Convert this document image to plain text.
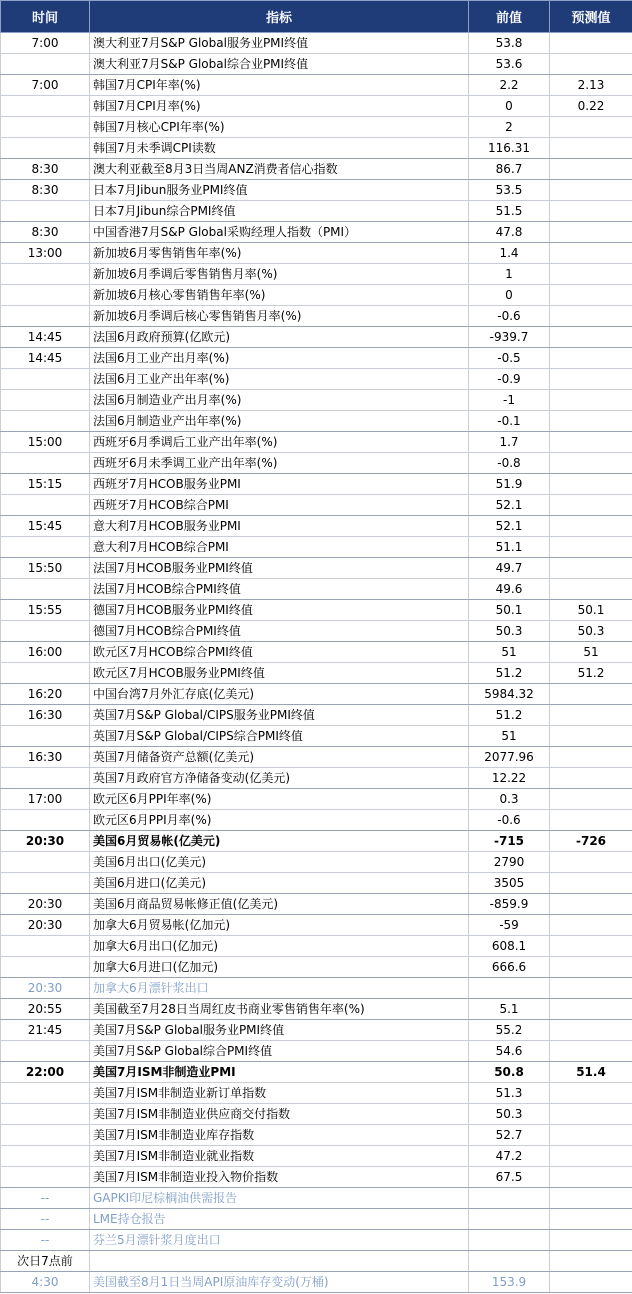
时间	指标	前值	预测值
7:00	澳大利亚7月S&P Global服务业PMI终值	53.8	
	澳大利亚7月S&P Global综合业PMI终值	53.6	
7:00	韩国7月CPI年率(%)	2.2	2.13
	韩国7月CPI月率(%)	0	0.22
	韩国7月核心CPI年率(%)	2	
	韩国7月未季调CPI读数	116.31	
8:30	澳大利亚截至8月3日当周ANZ消费者信心指数	86.7	
8:30	日本7月Jibun服务业PMI终值	53.5	
	日本7月Jibun综合PMI终值	51.5	
8:30	中国香港7月S&P Global采购经理人指数（PMI）	47.8	
13:00	新加坡6月零售销售年率(%)	1.4	
	新加坡6月季调后零售销售月率(%)	1	
	新加坡6月核心零售销售年率(%)	0	
	新加坡6月季调后核心零售销售月率(%)	-0.6	
14:45	法国6月政府预算(亿欧元)	-939.7	
14:45	法国6月工业产出月率(%)	-0.5	
	法国6月工业产出年率(%)	-0.9	
	法国6月制造业产出月率(%)	-1	
	法国6月制造业产出年率(%)	-0.1	
15:00	西班牙6月季调后工业产出年率(%)	1.7	
	西班牙6月未季调工业产出年率(%)	-0.8	
15:15	西班牙7月HCOB服务业PMI	51.9	
	西班牙7月HCOB综合PMI	52.1	
15:45	意大利7月HCOB服务业PMI	52.1	
	意大利7月HCOB综合PMI	51.1	
15:50	法国7月HCOB服务业PMI终值	49.7	
	法国7月HCOB综合PMI终值	49.6	
15:55	德国7月HCOB服务业PMI终值	50.1	50.1
	德国7月HCOB综合PMI终值	50.3	50.3
16:00	欧元区7月HCOB综合PMI终值	51	51
	欧元区7月HCOB服务业PMI终值	51.2	51.2
16:20	中国台湾7月外汇存底(亿美元)	5984.32	
16:30	英国7月S&P Global/CIPS服务业PMI终值	51.2	
	英国7月S&P Global/CIPS综合PMI终值	51	
16:30	英国7月储备资产总额(亿美元)	2077.96	
	英国7月政府官方净储备变动(亿美元)	12.22	
17:00	欧元区6月PPI年率(%)	0.3	
	欧元区6月PPI月率(%)	-0.6	
20:30	美国6月贸易帐(亿美元)	-715	-726
	美国6月出口(亿美元)	2790	
	美国6月进口(亿美元)	3505	
20:30	美国6月商品贸易帐修正值(亿美元)	-859.9	
20:30	加拿大6月贸易帐(亿加元)	-59	
	加拿大6月出口(亿加元)	608.1	
	加拿大6月进口(亿加元)	666.6	
20:30	加拿大6月漂针浆出口		
20:55	美国截至7月28日当周红皮书商业零售销售年率(%)	5.1	
21:45	美国7月S&P Global服务业PMI终值	55.2	
	美国7月S&P Global综合PMI终值	54.6	
22:00	美国7月ISM非制造业PMI	50.8	51.4
	美国7月ISM非制造业新订单指数	51.3	
	美国7月ISM非制造业供应商交付指数	50.3	
	美国7月ISM非制造业库存指数	52.7	
	美国7月ISM非制造业就业指数	47.2	
	美国7月ISM非制造业投入物价指数	67.5	
--	GAPKI印尼棕榈油供需报告		
--	LME持仓报告		
--	芬兰5月漂针浆月度出口		
次日7点前			
4:30	美国截至8月1日当周API原油库存变动(万桶)	153.9	
